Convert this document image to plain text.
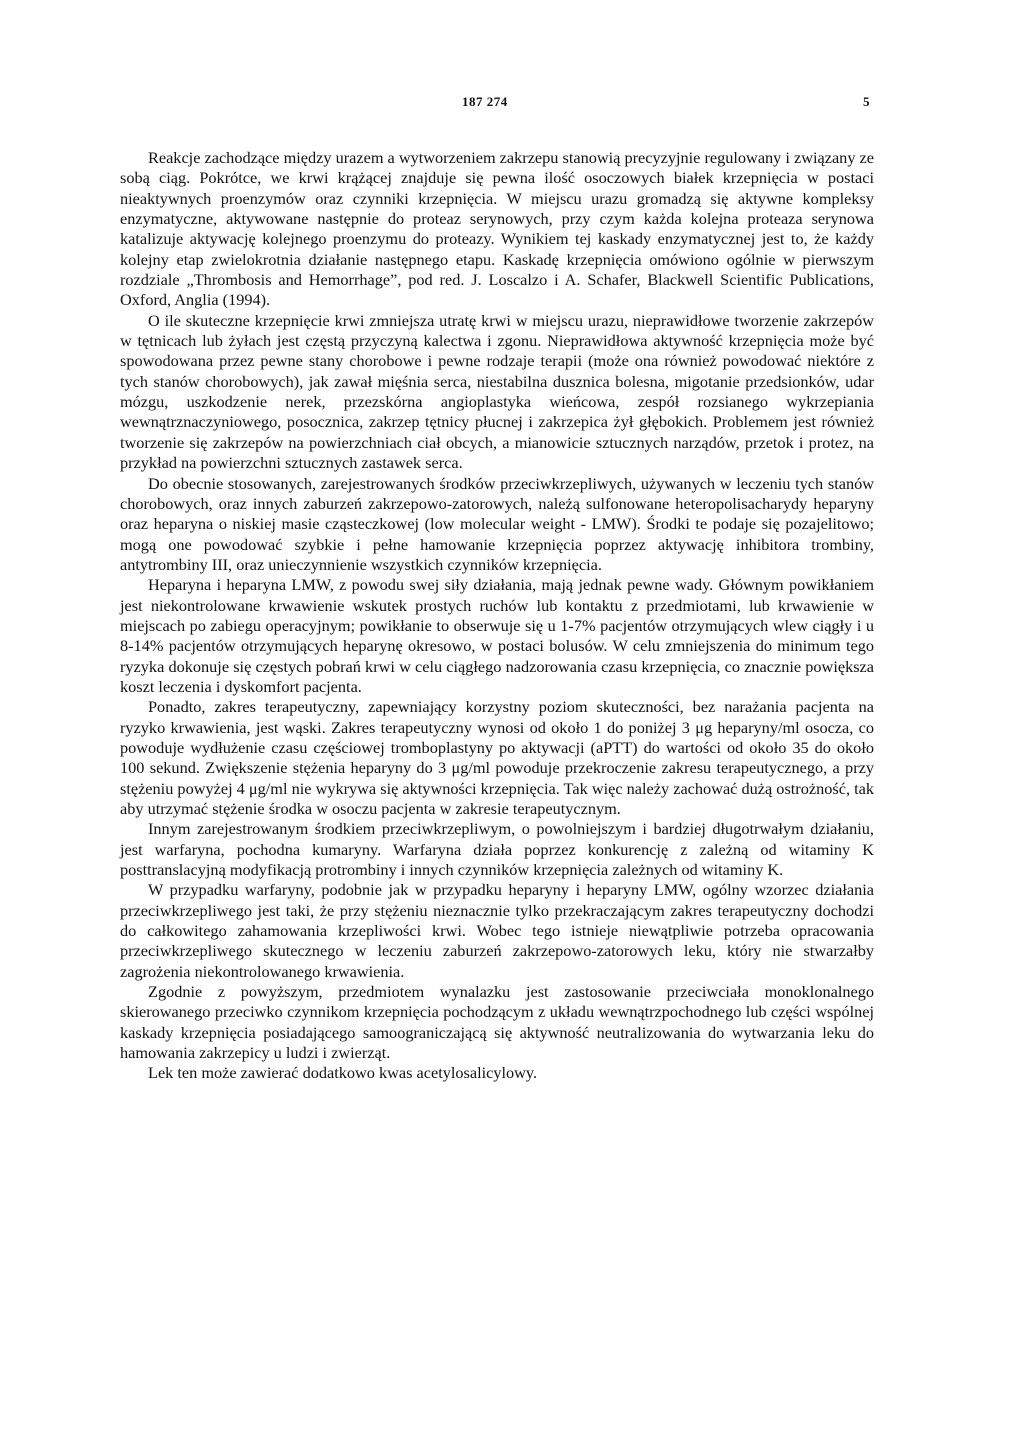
187 274	5

Reakcje zachodzące między urazem a wytworzeniem zakrzepu stanowią precyzyjnie regulowany i związany ze sobą ciąg. Pokrótce, we krwi krążącej znajduje się pewna ilość osoczowych białek krzepnięcia w postaci nieaktywnych proenzymów oraz czynniki krzepnięcia. W miejscu urazu gromadzą się aktywne kompleksy enzymatyczne, aktywowane następnie do proteaz serynowych, przy czym każda kolejna proteaza serynowa katalizuje aktywację kolejnego proenzymu do proteazy. Wynikiem tej kaskady enzymatycznej jest to, że każdy kolejny etap zwielokrotnia działanie następnego etapu. Kaskadę krzepnięcia omówiono ogólnie w pierwszym rozdziale „Thrombosis and Hemorrhage”, pod red. J. Loscalzo i A. Schafer, Blackwell Scientific Publications, Oxford, Anglia (1994).

O ile skuteczne krzepnięcie krwi zmniejsza utratę krwi w miejscu urazu, nieprawidłowe tworzenie zakrzepów w tętnicach lub żyłach jest częstą przyczyną kalectwa i zgonu. Nieprawidłowa aktywność krzepnięcia może być spowodowana przez pewne stany chorobowe i pewne rodzaje terapii (może ona również powodować niektóre z tych stanów chorobowych), jak zawał mięśnia serca, niestabilna dusznica bolesna, migotanie przedsionków, udar mózgu, uszkodzenie nerek, przezskórna angioplastyka wieńcowa, zespół rozsianego wykrzepiania wewnątrznaczyniowego, posocznica, zakrzep tętnicy płucnej i zakrzepica żył głębokich. Problemem jest również tworzenie się zakrzepów na powierzchniach ciał obcych, a mianowicie sztucznych narządów, przetok i protez, na przykład na powierzchni sztucznych zastawek serca.

Do obecnie stosowanych, zarejestrowanych środków przeciwkrzepliwych, używanych w leczeniu tych stanów chorobowych, oraz innych zaburzeń zakrzepowo-zatorowych, należą sulfonowane heteropolisacharydy heparyny oraz heparyna o niskiej masie cząsteczkowej (low molecular weight - LMW). Środki te podaje się pozajelitowo; mogą one powodować szybkie i pełne hamowanie krzepnięcia poprzez aktywację inhibitora trombiny, antytrombiny III, oraz unieczynnienie wszystkich czynników krzepnięcia.

Heparyna i heparyna LMW, z powodu swej siły działania, mają jednak pewne wady. Głównym powikłaniem jest niekontrolowane krwawienie wskutek prostych ruchów lub kontaktu z przedmiotami, lub krwawienie w miejscach po zabiegu operacyjnym; powikłanie to obserwuje się u 1-7% pacjentów otrzymujących wlew ciągły i u 8-14% pacjentów otrzymujących heparynę okresowo, w postaci bolusów. W celu zmniejszenia do minimum tego ryzyka dokonuje się częstych pobrań krwi w celu ciągłego nadzorowania czasu krzepnięcia, co znacznie powiększa koszt leczenia i dyskomfort pacjenta.

Ponadto, zakres terapeutyczny, zapewniający korzystny poziom skuteczności, bez narażania pacjenta na ryzyko krwawienia, jest wąski. Zakres terapeutyczny wynosi od około 1 do poniżej 3 μg heparyny/ml osocza, co powoduje wydłużenie czasu częściowej tromboplastyny po aktywacji (aPTT) do wartości od około 35 do około 100 sekund. Zwiększenie stężenia heparyny do 3 μg/ml powoduje przekroczenie zakresu terapeutycznego, a przy stężeniu powyżej 4 μg/ml nie wykrywa się aktywności krzepnięcia. Tak więc należy zachować dużą ostrożność, tak aby utrzymać stężenie środka w osoczu pacjenta w zakresie terapeutycznym.

Innym zarejestrowanym środkiem przeciwkrzepliwym, o powolniejszym i bardziej długotrwałym działaniu, jest warfaryna, pochodna kumaryny. Warfaryna działa poprzez konkurencję z zależną od witaminy K posttranslacyjną modyfikacją protrombiny i innych czynników krzepnięcia zależnych od witaminy K.

W przypadku warfaryny, podobnie jak w przypadku heparyny i heparyny LMW, ogólny wzorzec działania przeciwkrzepliwego jest taki, że przy stężeniu nieznacznie tylko przekraczającym zakres terapeutyczny dochodzi do całkowitego zahamowania krzepliwości krwi. Wobec tego istnieje niewątpliwie potrzeba opracowania przeciwkrzepliwego skutecznego w leczeniu zaburzeń zakrzepowo-zatorowych leku, który nie stwarzałby zagrożenia niekontrolowanego krwawienia.

Zgodnie z powyższym, przedmiotem wynalazku jest zastosowanie przeciwciała monoklonalnego skierowanego przeciwko czynnikom krzepnięcia pochodzącym z układu wewnątrzpochodnego lub części wspólnej kaskady krzepnięcia posiadającego samoograniczającą się aktywność neutralizowania do wytwarzania leku do hamowania zakrzepicy u ludzi i zwierząt.

Lek ten może zawierać dodatkowo kwas acetylosalicylowy.
